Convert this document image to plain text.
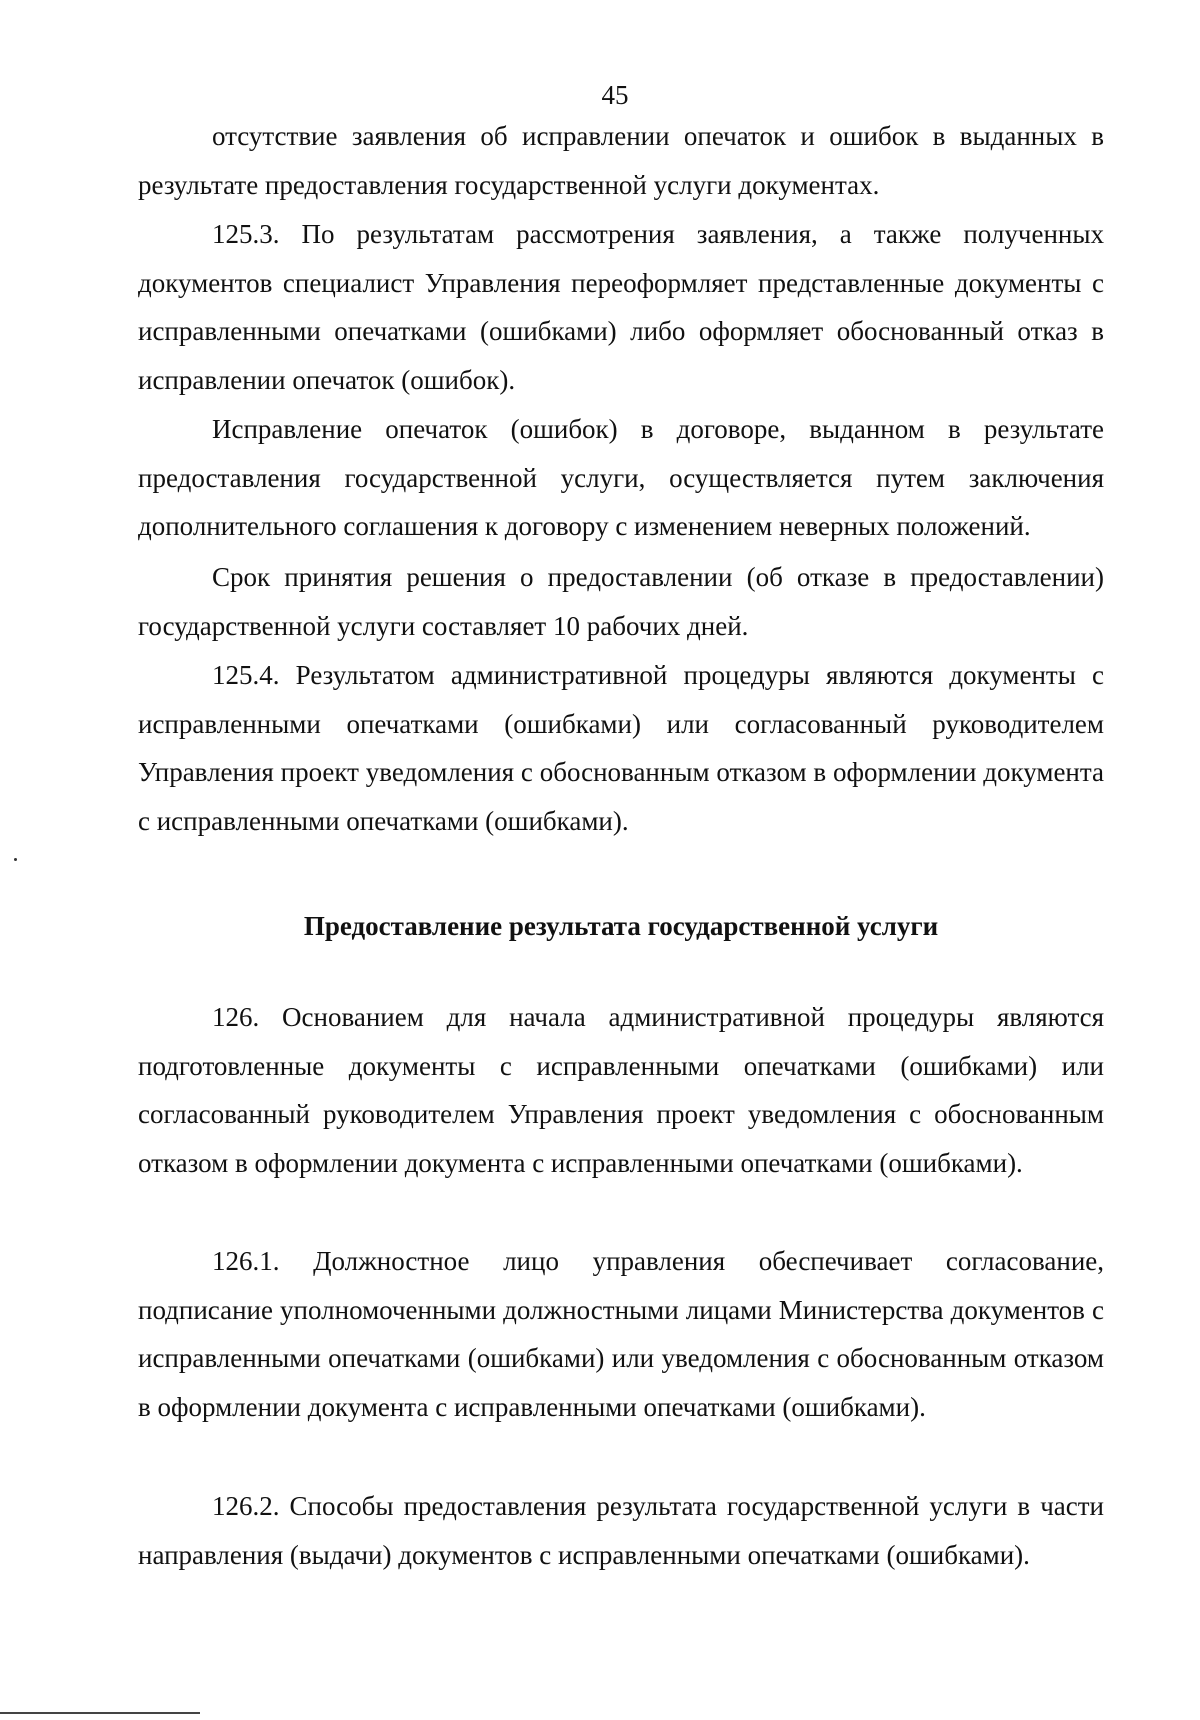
45

отсутствие заявления об исправлении опечаток и ошибок в выданных в результате предоставления государственной услуги документах.

125.3. По результатам рассмотрения заявления, а также полученных документов специалист Управления переоформляет представленные документы с исправленными опечатками (ошибками) либо оформляет обоснованный отказ в исправлении опечаток (ошибок).

Исправление опечаток (ошибок) в договоре, выданном в результате предоставления государственной услуги, осуществляется путем заключения дополнительного соглашения к договору с изменением неверных положений.

Срок принятия решения о предоставлении (об отказе в предоставлении) государственной услуги составляет 10 рабочих дней.

125.4. Результатом административной процедуры являются документы с исправленными опечатками (ошибками) или согласованный руководителем Управления проект уведомления с обоснованным отказом в оформлении документа с исправленными опечатками (ошибками).

Предоставление результата государственной услуги

126. Основанием для начала административной процедуры являются подготовленные документы с исправленными опечатками (ошибками) или согласованный руководителем Управления проект уведомления с обоснованным отказом в оформлении документа с исправленными опечатками (ошибками).

126.1. Должностное лицо управления обеспечивает согласование, подписание уполномоченными должностными лицами Министерства документов с исправленными опечатками (ошибками) или уведомления с обоснованным отказом в оформлении документа с исправленными опечатками (ошибками).

126.2. Способы предоставления результата государственной услуги в части направления (выдачи) документов с исправленными опечатками (ошибками).
